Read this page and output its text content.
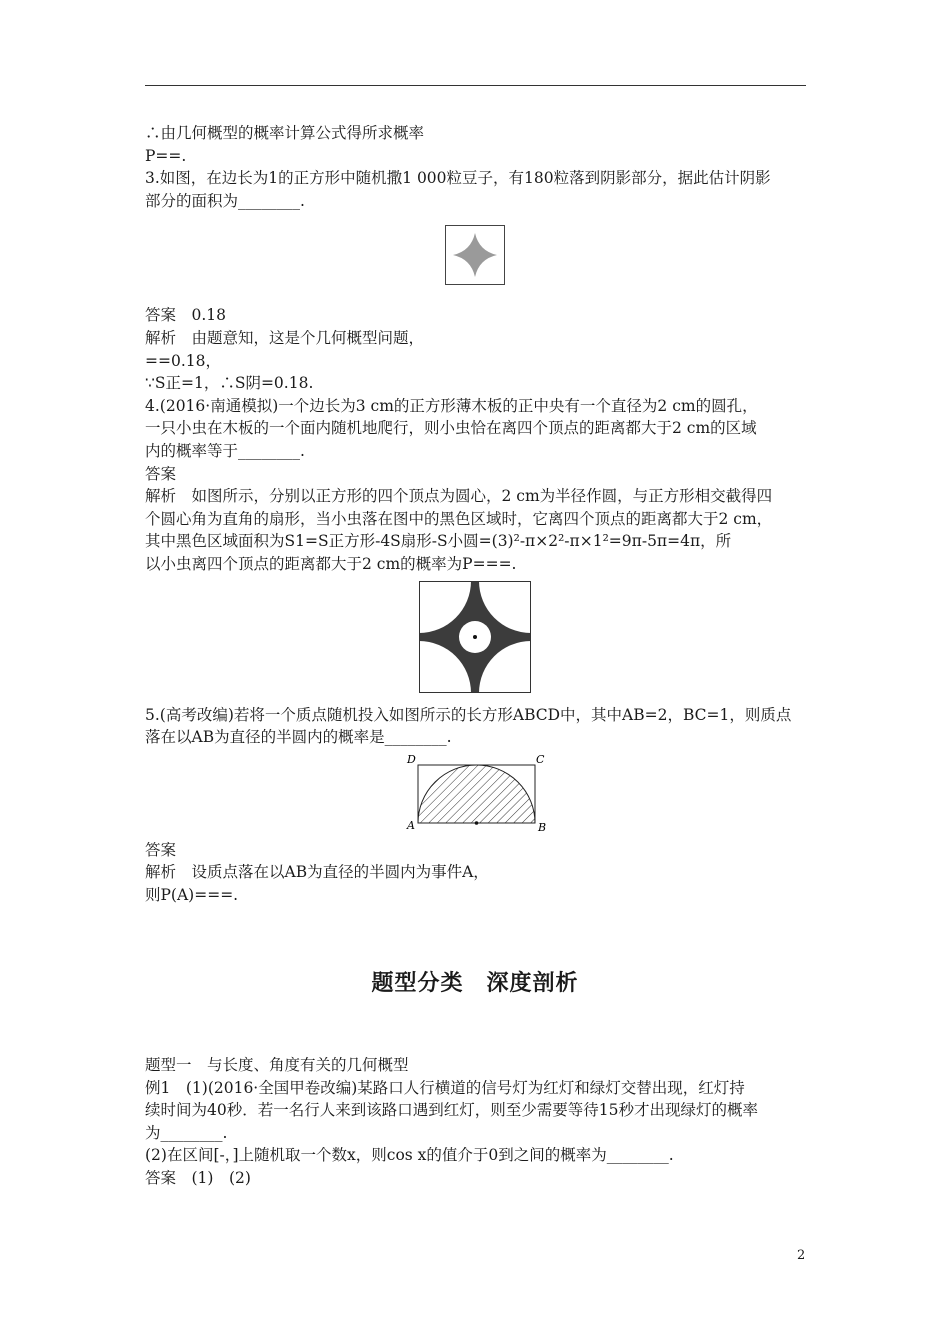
∴由几何概型的概率计算公式得所求概率

P==.

3.如图，在边长为1的正方形中随机撒1 000粒豆子，有180粒落到阴影部分，据此估计阴影

部分的面积为________.

答案　0.18

解析　由题意知，这是个几何概型问题，

==0.18，

∵S正=1，∴S阴=0.18.

4.(2016·南通模拟)一个边长为3 cm的正方形薄木板的正中央有一个直径为2 cm的圆孔，

一只小虫在木板的一个面内随机地爬行，则小虫恰在离四个顶点的距离都大于2 cm的区域

内的概率等于________.

答案

解析　如图所示，分别以正方形的四个顶点为圆心，2 cm为半径作圆，与正方形相交截得四

个圆心角为直角的扇形，当小虫落在图中的黑色区域时，它离四个顶点的距离都大于2 cm，

其中黑色区域面积为S1=S正方形-4S扇形-S小圆=(3)²-π×2²-π×1²=9π-5π=4π，所

以小虫离四个顶点的距离都大于2 cm的概率为P===.

5.(高考改编)若将一个质点随机投入如图所示的长方形ABCD中，其中AB=2，BC=1，则质点

落在以AB为直径的半圆内的概率是________.

D	C
A	B

答案

解析　设质点落在以AB为直径的半圆内为事件A，

则P(A)===.

题型分类　深度剖析

题型一　与长度、角度有关的几何概型

例1　(1)(2016·全国甲卷改编)某路口人行横道的信号灯为红灯和绿灯交替出现，红灯持

续时间为40秒．若一名行人来到该路口遇到红灯，则至少需要等待15秒才出现绿灯的概率

为________.

(2)在区间[-，]上随机取一个数x，则cos x的值介于0到之间的概率为________.

答案　(1)　(2)

2
